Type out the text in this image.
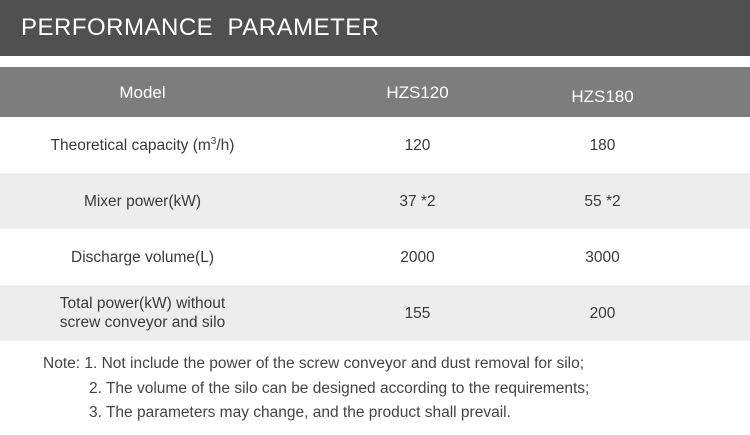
PERFORMANCE  PARAMETER
Model	HZS120	HZS180
Theoretical capacity $(m^3/h)$	120	180
Mixer power(kW)	37 *2	55 *2
Discharge volume(L)	2000	3000
Total power(kW) without
screw conveyor and silo
155	200
Note: 1. Not include the power of the screw conveyor and dust removal for silo;
2. The volume of the silo can be designed according to the requirements;
3. The parameters may change, and the product shall prevail.
